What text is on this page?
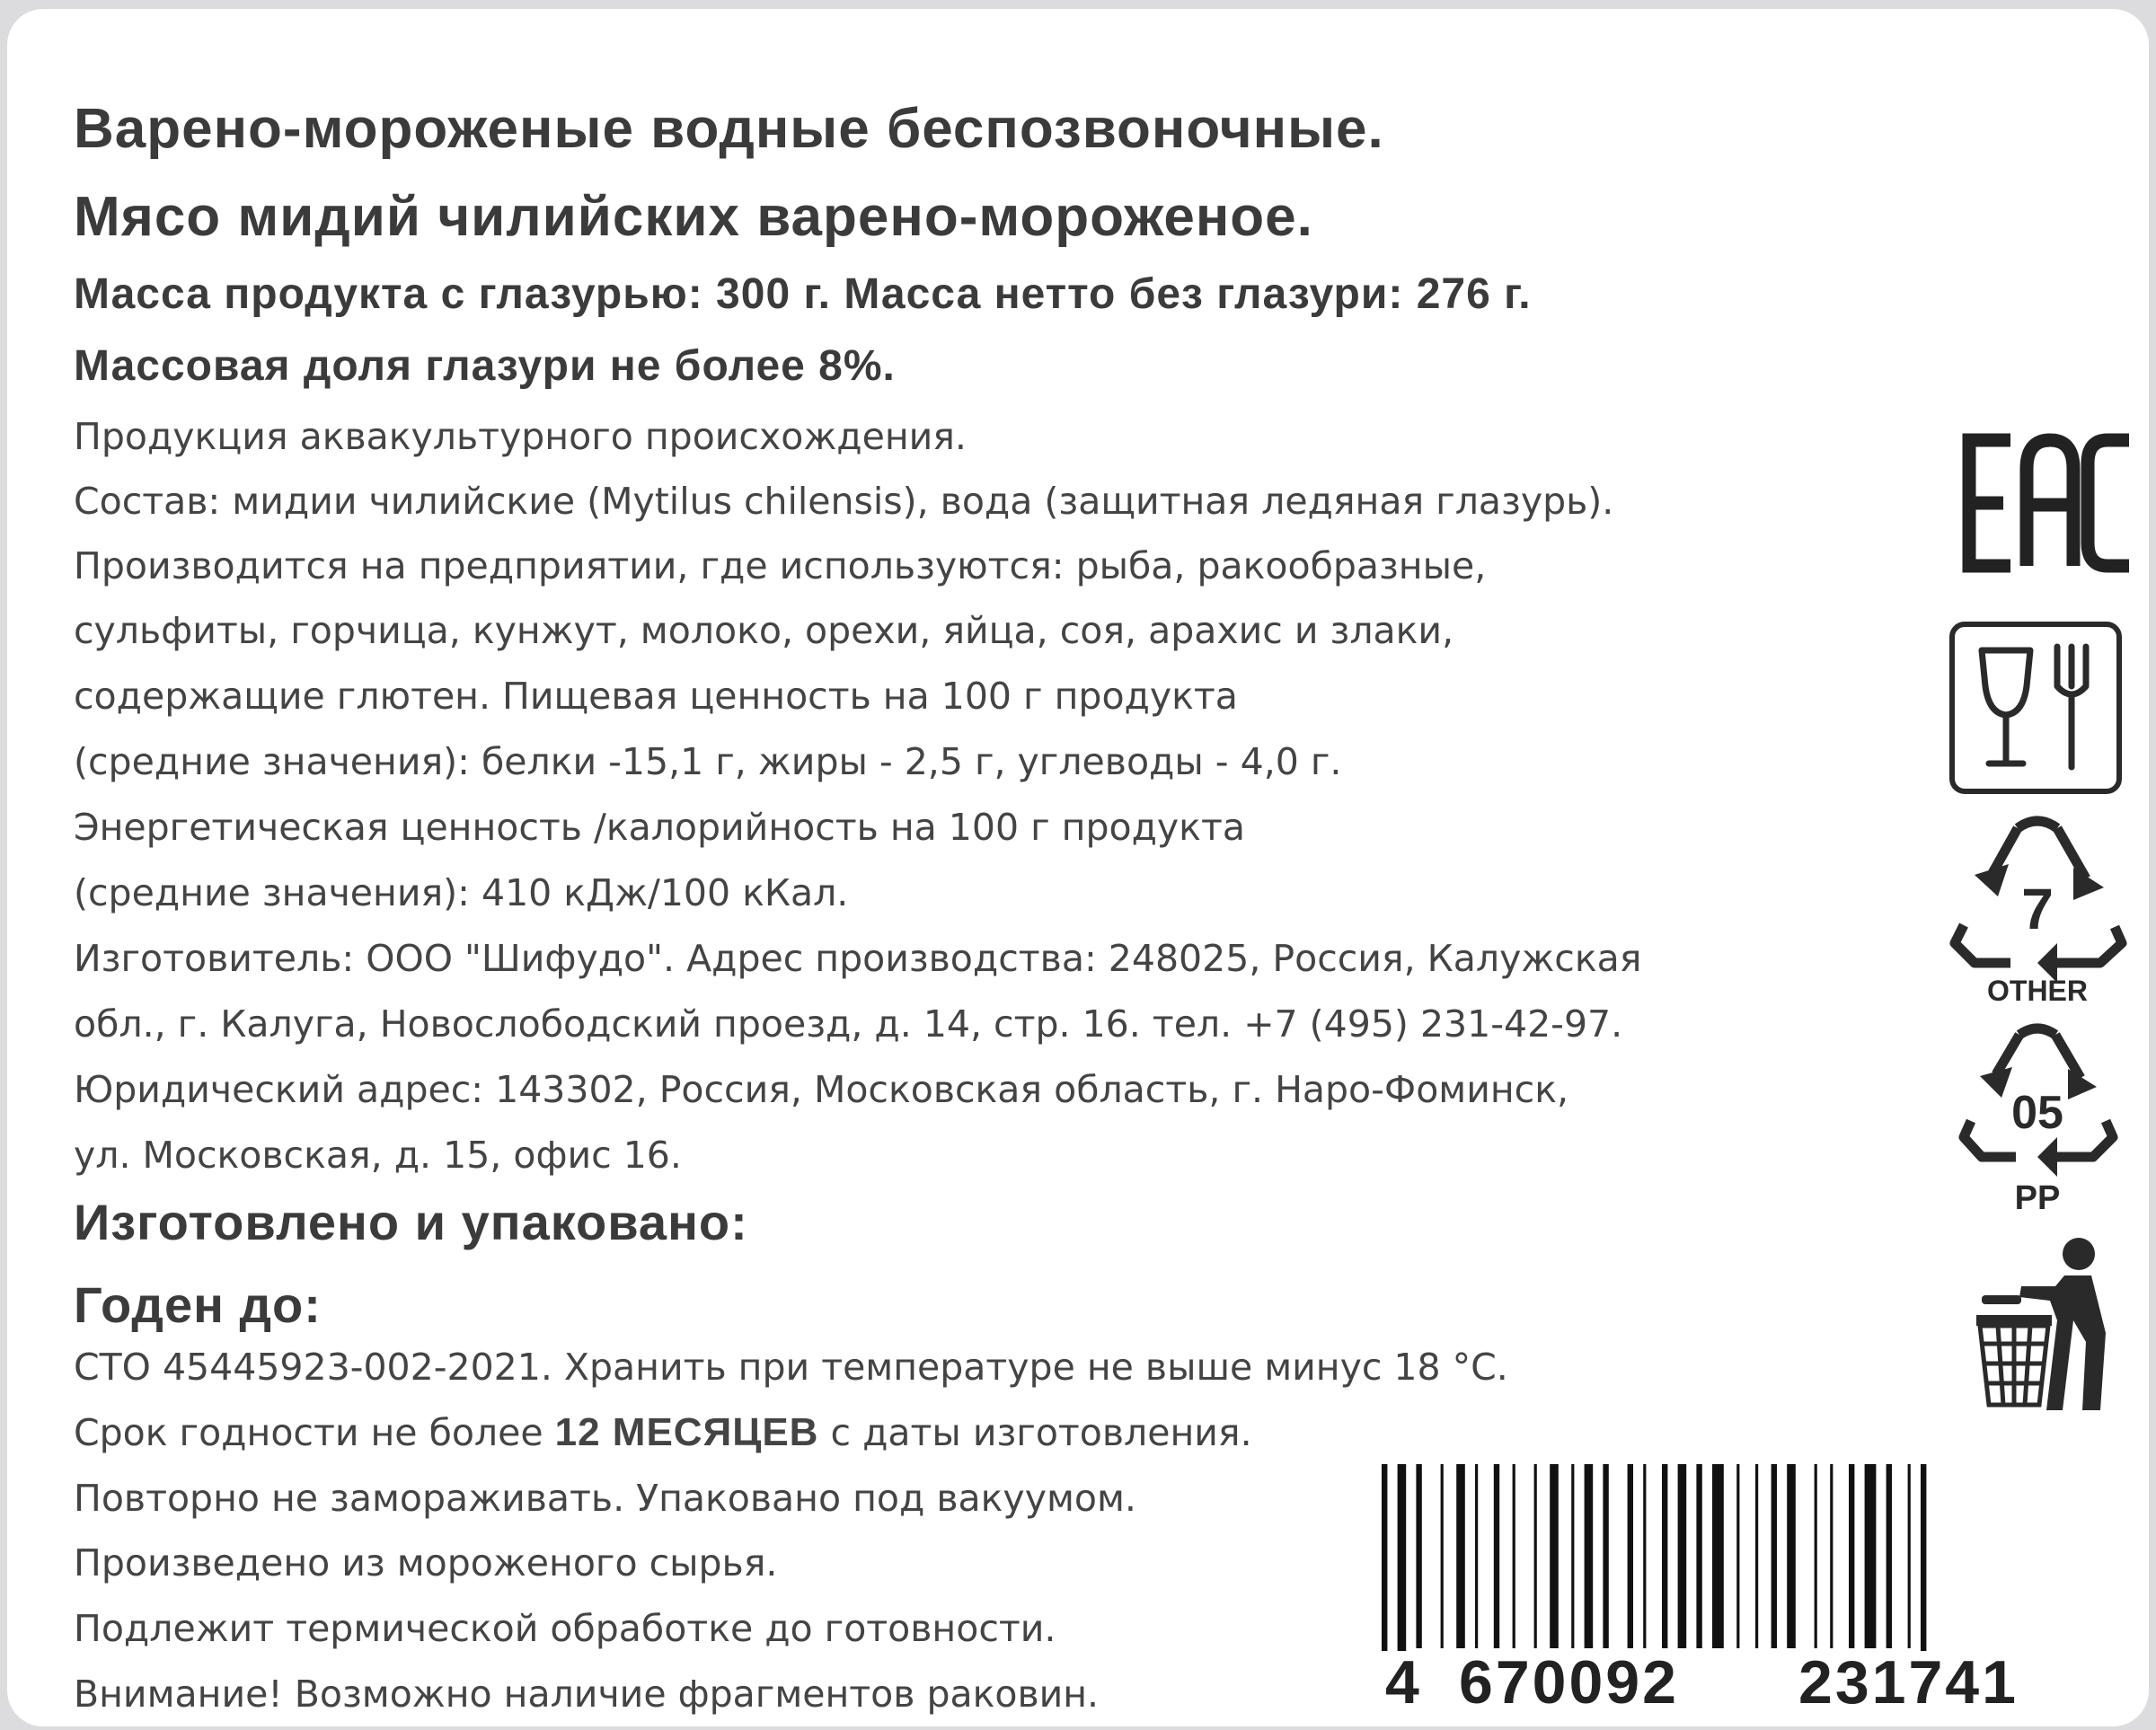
Варено-мороженые водные беспозвоночные.
Мясо мидий чилийских варено-мороженое.
Масса продукта с глазурью: 300 г. Масса нетто без глазури: 276 г.
Массовая доля глазури не более 8%.
Продукция аквакультурного происхождения.
Состав: мидии чилийские (Mytilus chilensis), вода (защитная ледяная глазурь).
Производится на предприятии, где используются: рыба, ракообразные,
сульфиты, горчица, кунжут, молоко, орехи, яйца, соя, арахис и злаки,
содержащие глютен. Пищевая ценность на 100 г продукта
(средние значения): белки -15,1 г, жиры - 2,5 г, углеводы - 4,0 г.
Энергетическая ценность /калорийность на 100 г продукта
(средние значения): 410 кДж/100 кКал.
Изготовитель: ООО "Шифудо". Адрес производства: 248025, Россия, Калужская
обл., г. Калуга, Новослободский проезд, д. 14, стр. 16. тел. +7 (495) 231-42-97.
Юридический адрес: 143302, Россия, Московская область, г. Наро-Фоминск,
ул. Московская, д. 15, офис 16.
Изготовлено и упаковано:
Годен до:
СТО 45445923-002-2021. Хранить при температуре не выше минус 18 °С.
Срок годности не более 12 МЕСЯЦЕВ с даты изготовления.
Повторно не замораживать. Упаковано под вакуумом.
Произведено из мороженого сырья.
Подлежит термической обработке до готовности.
Внимание! Возможно наличие фрагментов раковин.
7
OTHER
05
PP
4 670092 231741
